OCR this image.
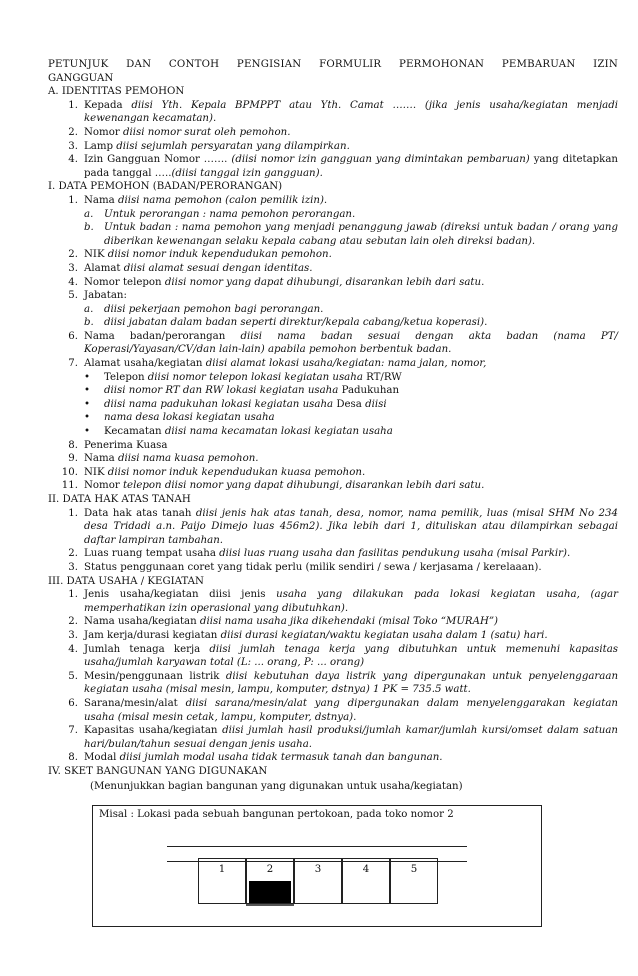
PETUNJUK DAN CONTOH PENGISIAN FORMULIR PERMOHONAN PEMBARUAN IZIN
GANGGUAN
A. IDENTITAS PEMOHON
1. Kepada diisi Yth. Kepala BPMPPT atau Yth. Camat ……. (jika jenis usaha/kegiatan menjadi kewenangan kecamatan).
2. Nomor diisi nomor surat oleh pemohon.
3. Lamp diisi sejumlah persyaratan yang dilampirkan.
4. Izin Gangguan Nomor ……. (diisi nomor izin gangguan yang dimintakan pembaruan) yang ditetapkan pada tanggal …..(diisi tanggal izin gangguan).
I. DATA PEMOHON (BADAN/PERORANGAN)
1. Nama diisi nama pemohon (calon pemilik izin).
a.	Untuk perorangan : nama pemohon perorangan.
b.	Untuk badan : nama pemohon yang menjadi penanggung jawab (direksi untuk badan / orang yang diberikan kewenangan selaku kepala cabang atau sebutan lain oleh direksi badan).
2. NIK diisi nomor induk kependudukan pemohon.
3. Alamat diisi alamat sesuai dengan identitas.
4. Nomor telepon diisi nomor yang dapat dihubungi, disarankan lebih dari satu.
5. Jabatan:
a.	diisi pekerjaan pemohon bagi perorangan.
b.	diisi jabatan dalam badan seperti direktur/kepala cabang/ketua koperasi).
6. Nama badan/perorangan diisi nama badan sesuai dengan akta badan (nama PT/ Koperasi/Yayasan/CV/dan lain-lain) apabila pemohon berbentuk badan.
7. Alamat usaha/kegiatan diisi alamat lokasi usaha/kegiatan: nama jalan, nomor,
•	Telepon diisi nomor telepon lokasi kegiatan usaha RT/RW
•	diisi nomor RT dan RW lokasi kegiatan usaha Padukuhan
•	diisi nama padukuhan lokasi kegiatan usaha Desa diisi
•	nama desa lokasi kegiatan usaha
•	Kecamatan diisi nama kecamatan lokasi kegiatan usaha
8. Penerima Kuasa
9. Nama diisi nama kuasa pemohon.
10. NIK diisi nomor induk kependudukan kuasa pemohon.
11. Nomor telepon diisi nomor yang dapat dihubungi, disarankan lebih dari satu.
II. DATA HAK ATAS TANAH
1. Data hak atas tanah diisi jenis hak atas tanah, desa, nomor, nama pemilik, luas (misal SHM No 234 desa Tridadi a.n. Paijo Dimejo luas 456m2). Jika lebih dari 1, dituliskan atau dilampirkan sebagai daftar lampiran tambahan.
2. Luas ruang tempat usaha diisi luas ruang usaha dan fasilitas pendukung usaha (misal Parkir).
3. Status penggunaan coret yang tidak perlu (milik sendiri / sewa / kerjasama / kerelaaan).
III. DATA USAHA / KEGIATAN
1. Jenis usaha/kegiatan diisi jenis usaha yang dilakukan pada lokasi kegiatan usaha, (agar memperhatikan izin operasional yang dibutuhkan).
2. Nama usaha/kegiatan diisi nama usaha jika dikehendaki (misal Toko “MURAH”)
3. Jam kerja/durasi kegiatan diisi durasi kegiatan/waktu kegiatan usaha dalam 1 (satu) hari.
4. Jumlah tenaga kerja diisi jumlah tenaga kerja yang dibutuhkan untuk memenuhi kapasitas usaha/jumlah karyawan total (L: ... orang, P: ... orang)
5. Mesin/penggunaan listrik diisi kebutuhan daya listrik yang dipergunakan untuk penyelenggaraan kegiatan usaha (misal mesin, lampu, komputer, dstnya) 1 PK = 735.5 watt.
6. Sarana/mesin/alat diisi sarana/mesin/alat yang dipergunakan dalam menyelenggarakan kegiatan usaha (misal mesin cetak, lampu, komputer, dstnya).
7. Kapasitas usaha/kegiatan diisi jumlah hasil produksi/jumlah kamar/jumlah kursi/omset dalam satuan hari/bulan/tahun sesuai dengan jenis usaha.
8. Modal diisi jumlah modal usaha tidak termasuk tanah dan bangunan.
IV. SKET BANGUNAN YANG DIGUNAKAN
(Menunjukkan bagian bangunan yang digunakan untuk usaha/kegiatan)
Misal : Lokasi pada sebuah bangunan pertokoan, pada toko nomor 2
1	2	3	4	5
